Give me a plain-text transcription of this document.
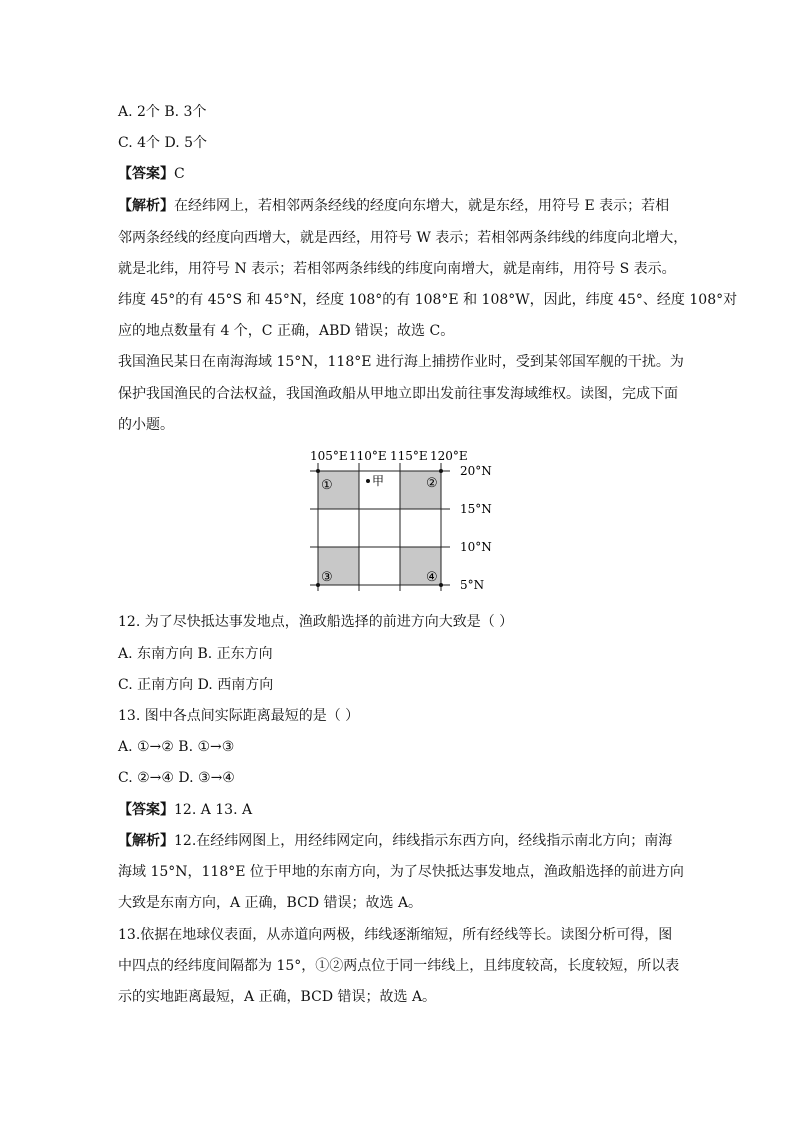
A. 2个 B. 3个
C. 4个 D. 5个
【答案】C
【解析】在经纬网上，若相邻两条经线的经度向东增大，就是东经，用符号 E 表示；若相
邻两条经线的经度向西增大，就是西经，用符号 W 表示；若相邻两条纬线的纬度向北增大，
就是北纬，用符号 N 表示；若相邻两条纬线的纬度向南增大，就是南纬，用符号 S 表示。
纬度 45°的有 45°S 和 45°N，经度 108°的有 108°E 和 108°W，因此，纬度 45°、经度 108°对
应的地点数量有 4 个，C 正确，ABD 错误；故选 C。
我国渔民某日在南海海域 15°N，118°E 进行海上捕捞作业时，受到某邻国军舰的干扰。为
保护我国渔民的合法权益，我国渔政船从甲地立即出发前往事发海域维权。读图，完成下面
的小题。
105°E 110°E 115°E 120°E
20°N
15°N
10°N
5°N
①	②
③	④
甲
12. 为了尽快抵达事发地点，渔政船选择的前进方向大致是（ ）
A. 东南方向 B. 正东方向
C. 正南方向 D. 西南方向
13. 图中各点间实际距离最短的是（ ）
A. ①→② B. ①→③
C. ②→④ D. ③→④
【答案】12. A 13. A
【解析】12.在经纬网图上，用经纬网定向，纬线指示东西方向，经线指示南北方向；南海
海域 15°N，118°E 位于甲地的东南方向，为了尽快抵达事发地点，渔政船选择的前进方向
大致是东南方向，A 正确，BCD 错误；故选 A。
13.依据在地球仪表面，从赤道向两极，纬线逐渐缩短，所有经线等长。读图分析可得，图
中四点的经纬度间隔都为 15°，①②两点位于同一纬线上，且纬度较高，长度较短，所以表
示的实地距离最短，A 正确，BCD 错误；故选 A。
